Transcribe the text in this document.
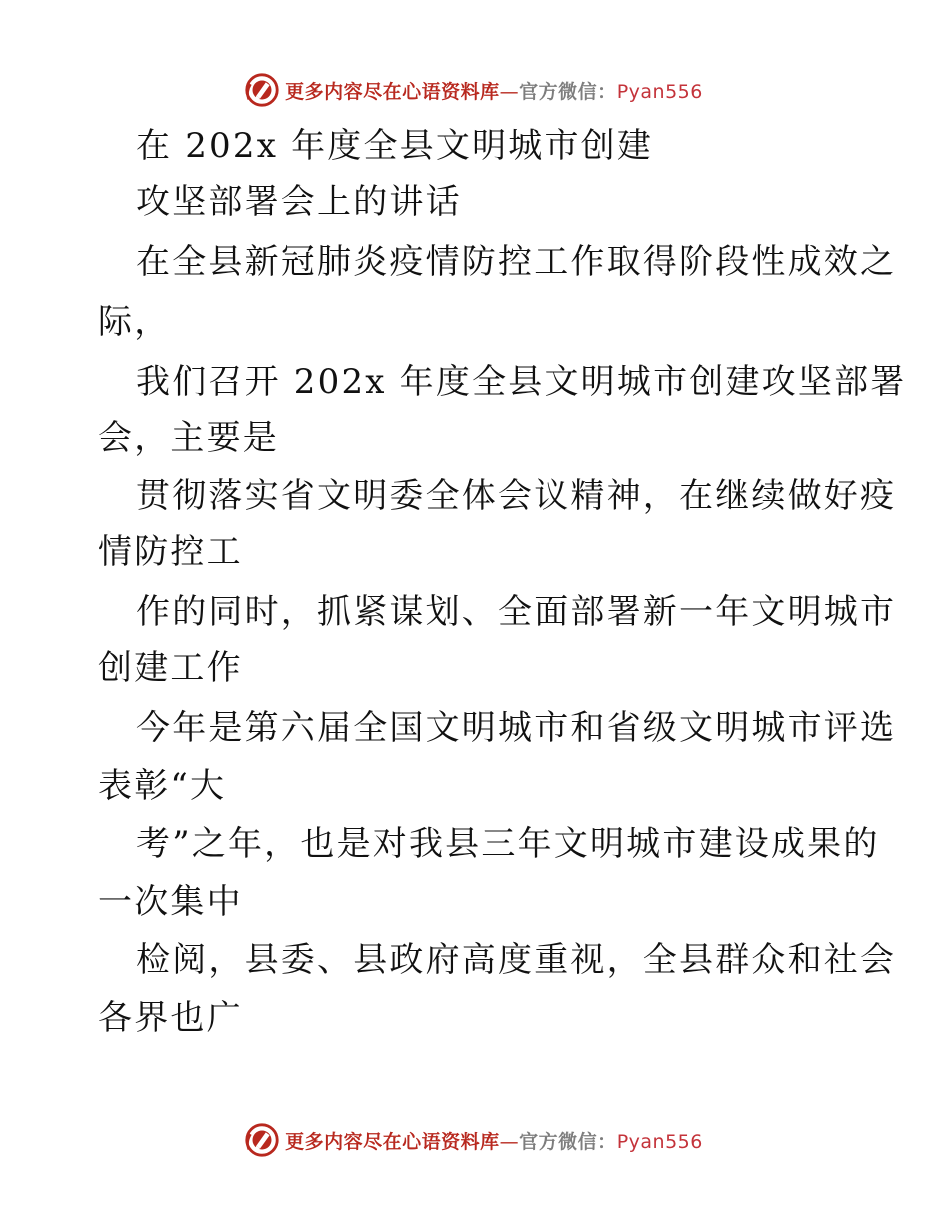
更多内容尽在心语资料库—官方微信：Pyan556
在 202x 年度全县文明城市创建
攻坚部署会上的讲话
在全县新冠肺炎疫情防控工作取得阶段性成效之
际，
我们召开 202x 年度全县文明城市创建攻坚部署
会，主要是
贯彻落实省文明委全体会议精神，在继续做好疫
情防控工
作的同时，抓紧谋划、全面部署新一年文明城市
创建工作
今年是第六届全国文明城市和省级文明城市评选
表彰“大
考”之年，也是对我县三年文明城市建设成果的
一次集中
检阅，县委、县政府高度重视，全县群众和社会
各界也广
更多内容尽在心语资料库—官方微信：Pyan556
